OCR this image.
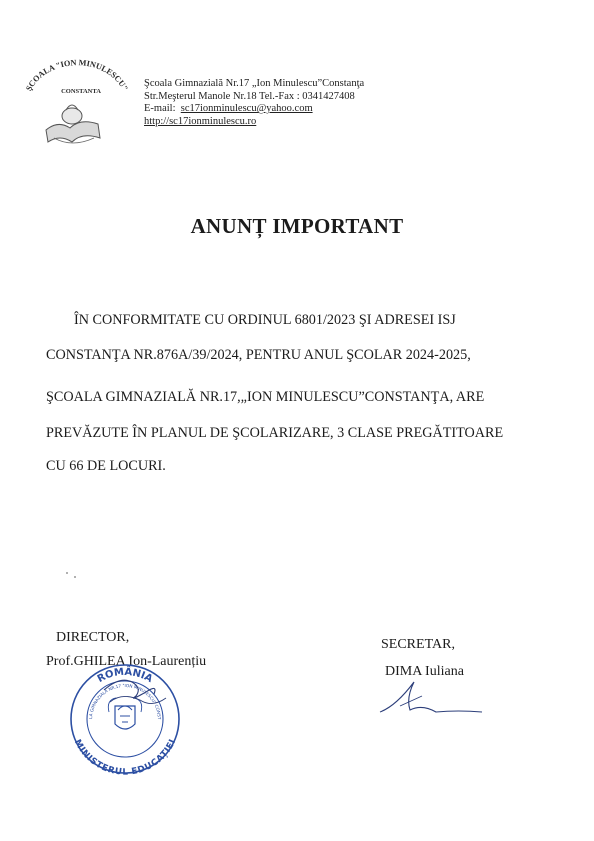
ŞCOALA "ION MINULESCU"
CONSTANTA
Şcoala Gimnazială Nr.17 „Ion Minulescu”Constanţa
Str.Meşterul Manole Nr.18 Tel.-Fax : 0341427408
E-mail: sc17ionminulescu@yahoo.com
http://sc17ionminulescu.ro
ANUNȚ IMPORTANT
ÎN CONFORMITATE CU ORDINUL 6801/2023 ŞI ADRESEI ISJ
CONSTANŢA NR.876A/39/2024, PENTRU ANUL ŞCOLAR 2024-2025,
ŞCOALA GIMNAZIALĂ NR.17,„ION MINULESCU”CONSTANŢA, ARE
PREVĂZUTE ÎN PLANUL DE ŞCOLARIZARE, 3 CLASE PREGĂTITOARE
CU 66 DE LOCURI.
DIRECTOR,
Prof.GHILEA Ion-Laurențiu
ROMÂNIA
MINISTERUL EDUCAȚIEI
LA GIMNAZIALĂ NR.17 "ION MINULESCU" CONST
SECRETAR,
DIMA Iuliana
